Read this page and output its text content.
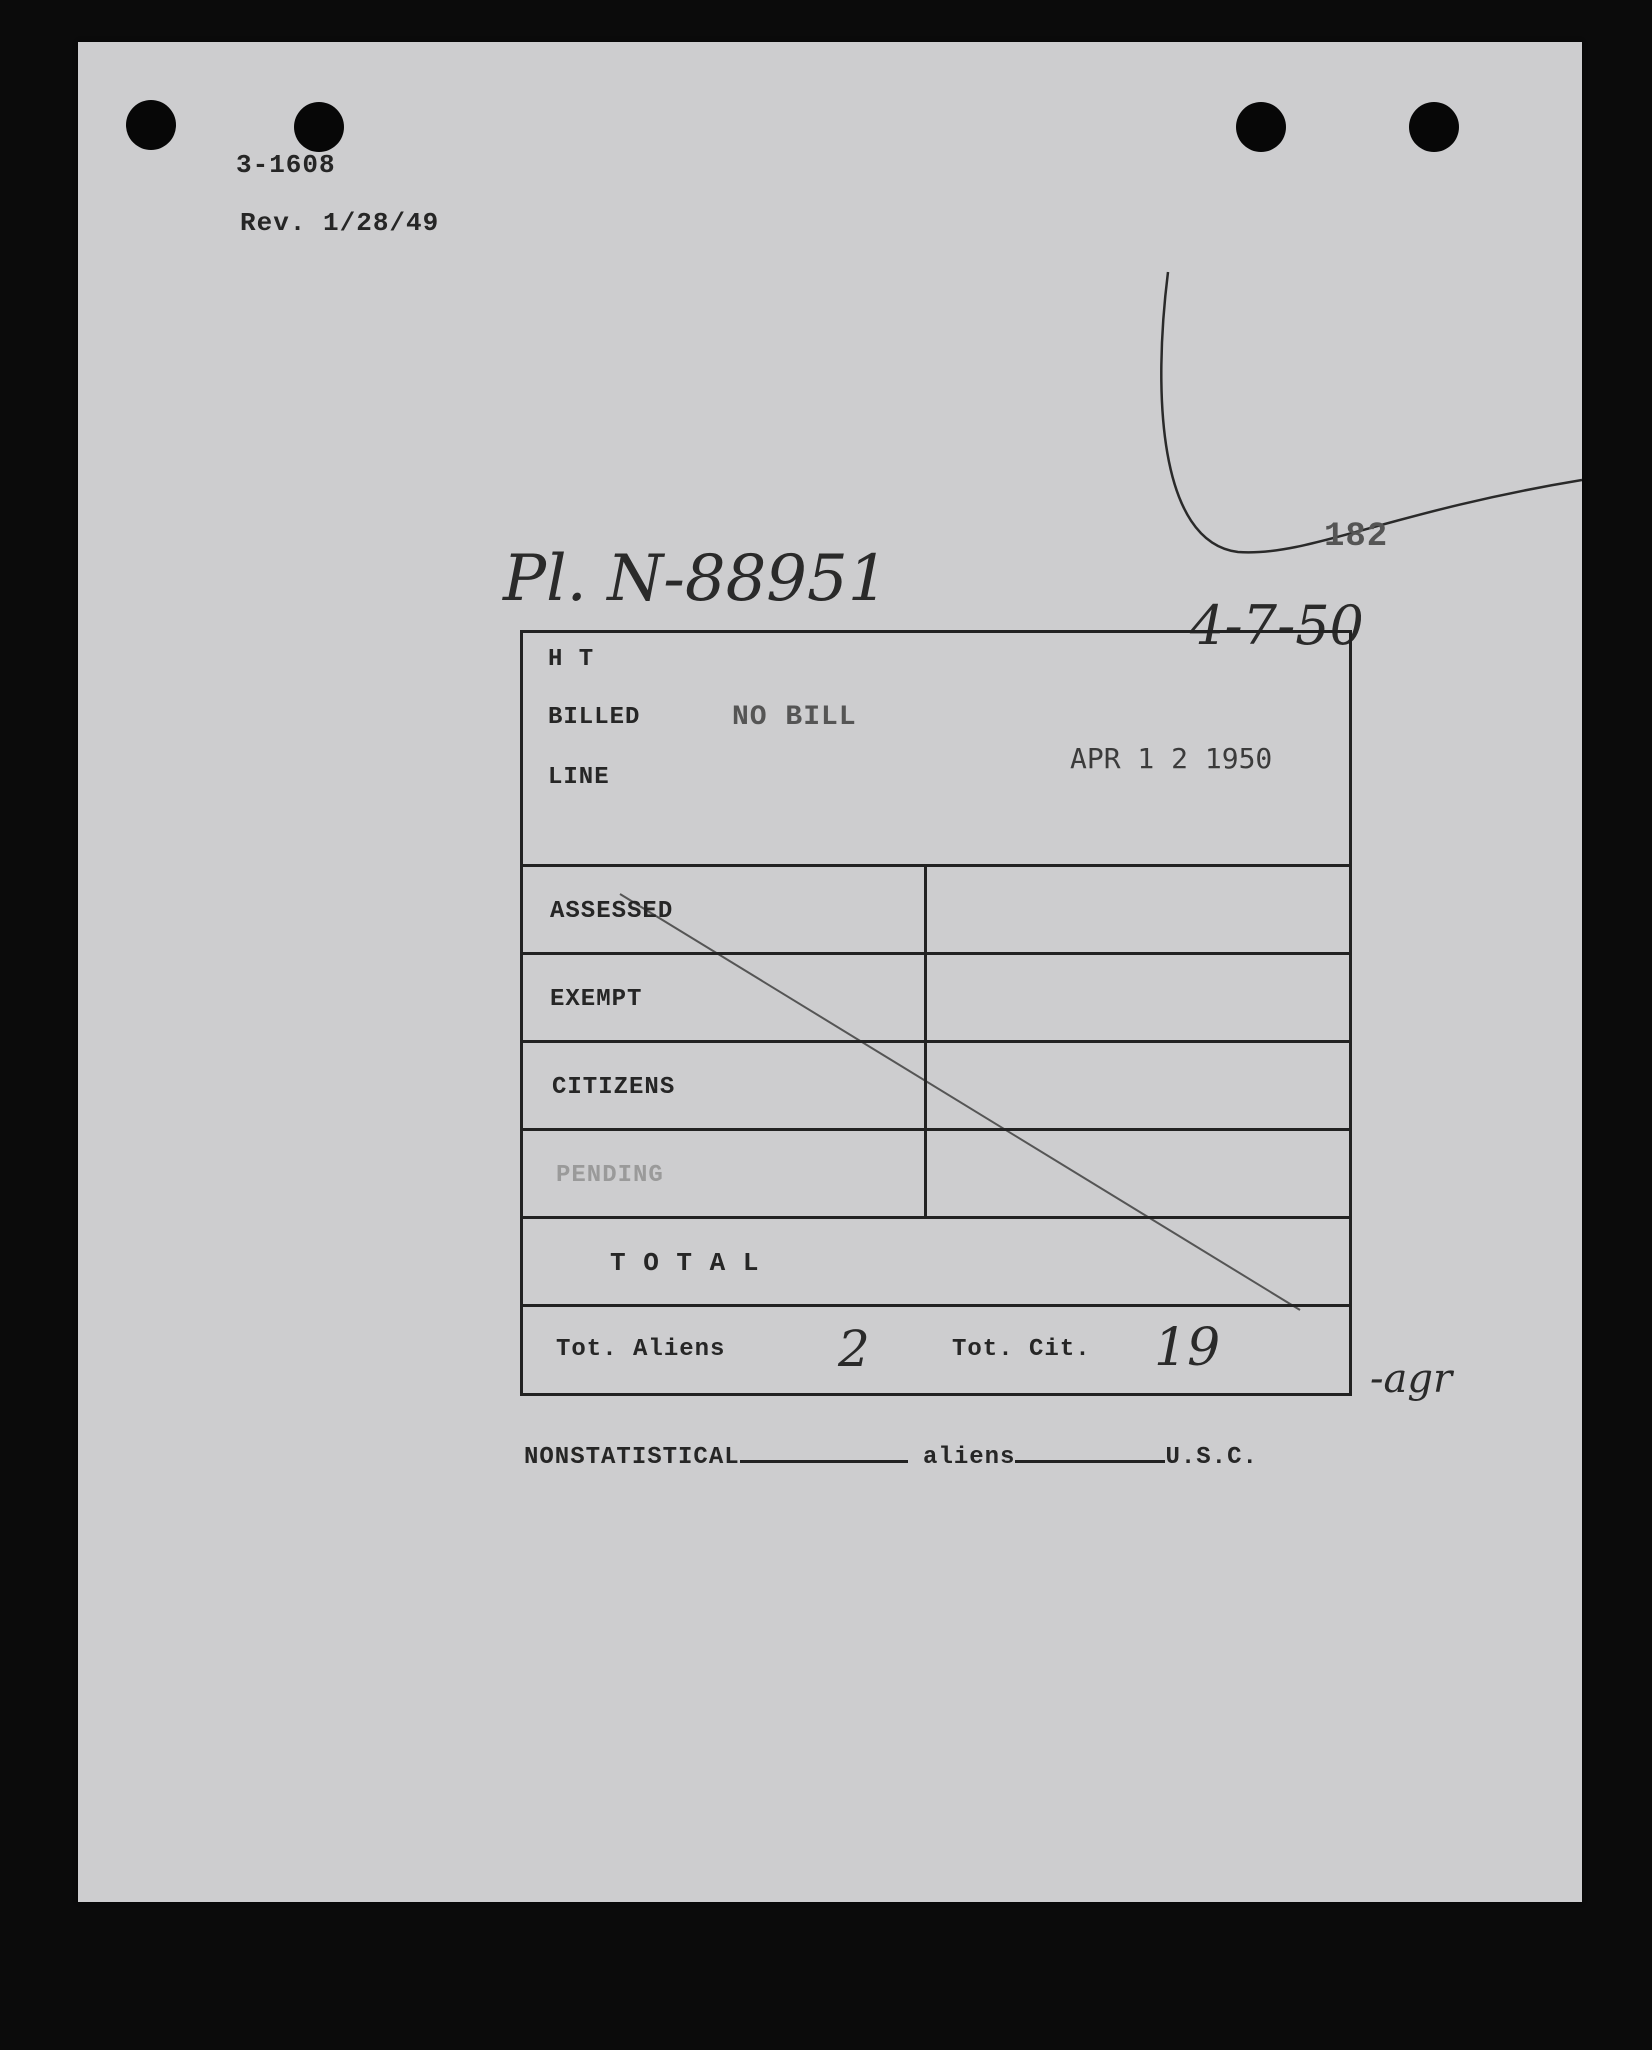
3-1608
Rev. 1/28/49
182
Pl. N-88951
4-7-50
H T
BILLED	NO BILL
LINE
APR 1 2 1950
ASSESSED
EXEMPT
CITIZENS
PENDING
T O T A L
Tot. Aliens 2	Tot. Cit. 19
-agr
NONSTATISTICAL	aliens	U.S.C.
